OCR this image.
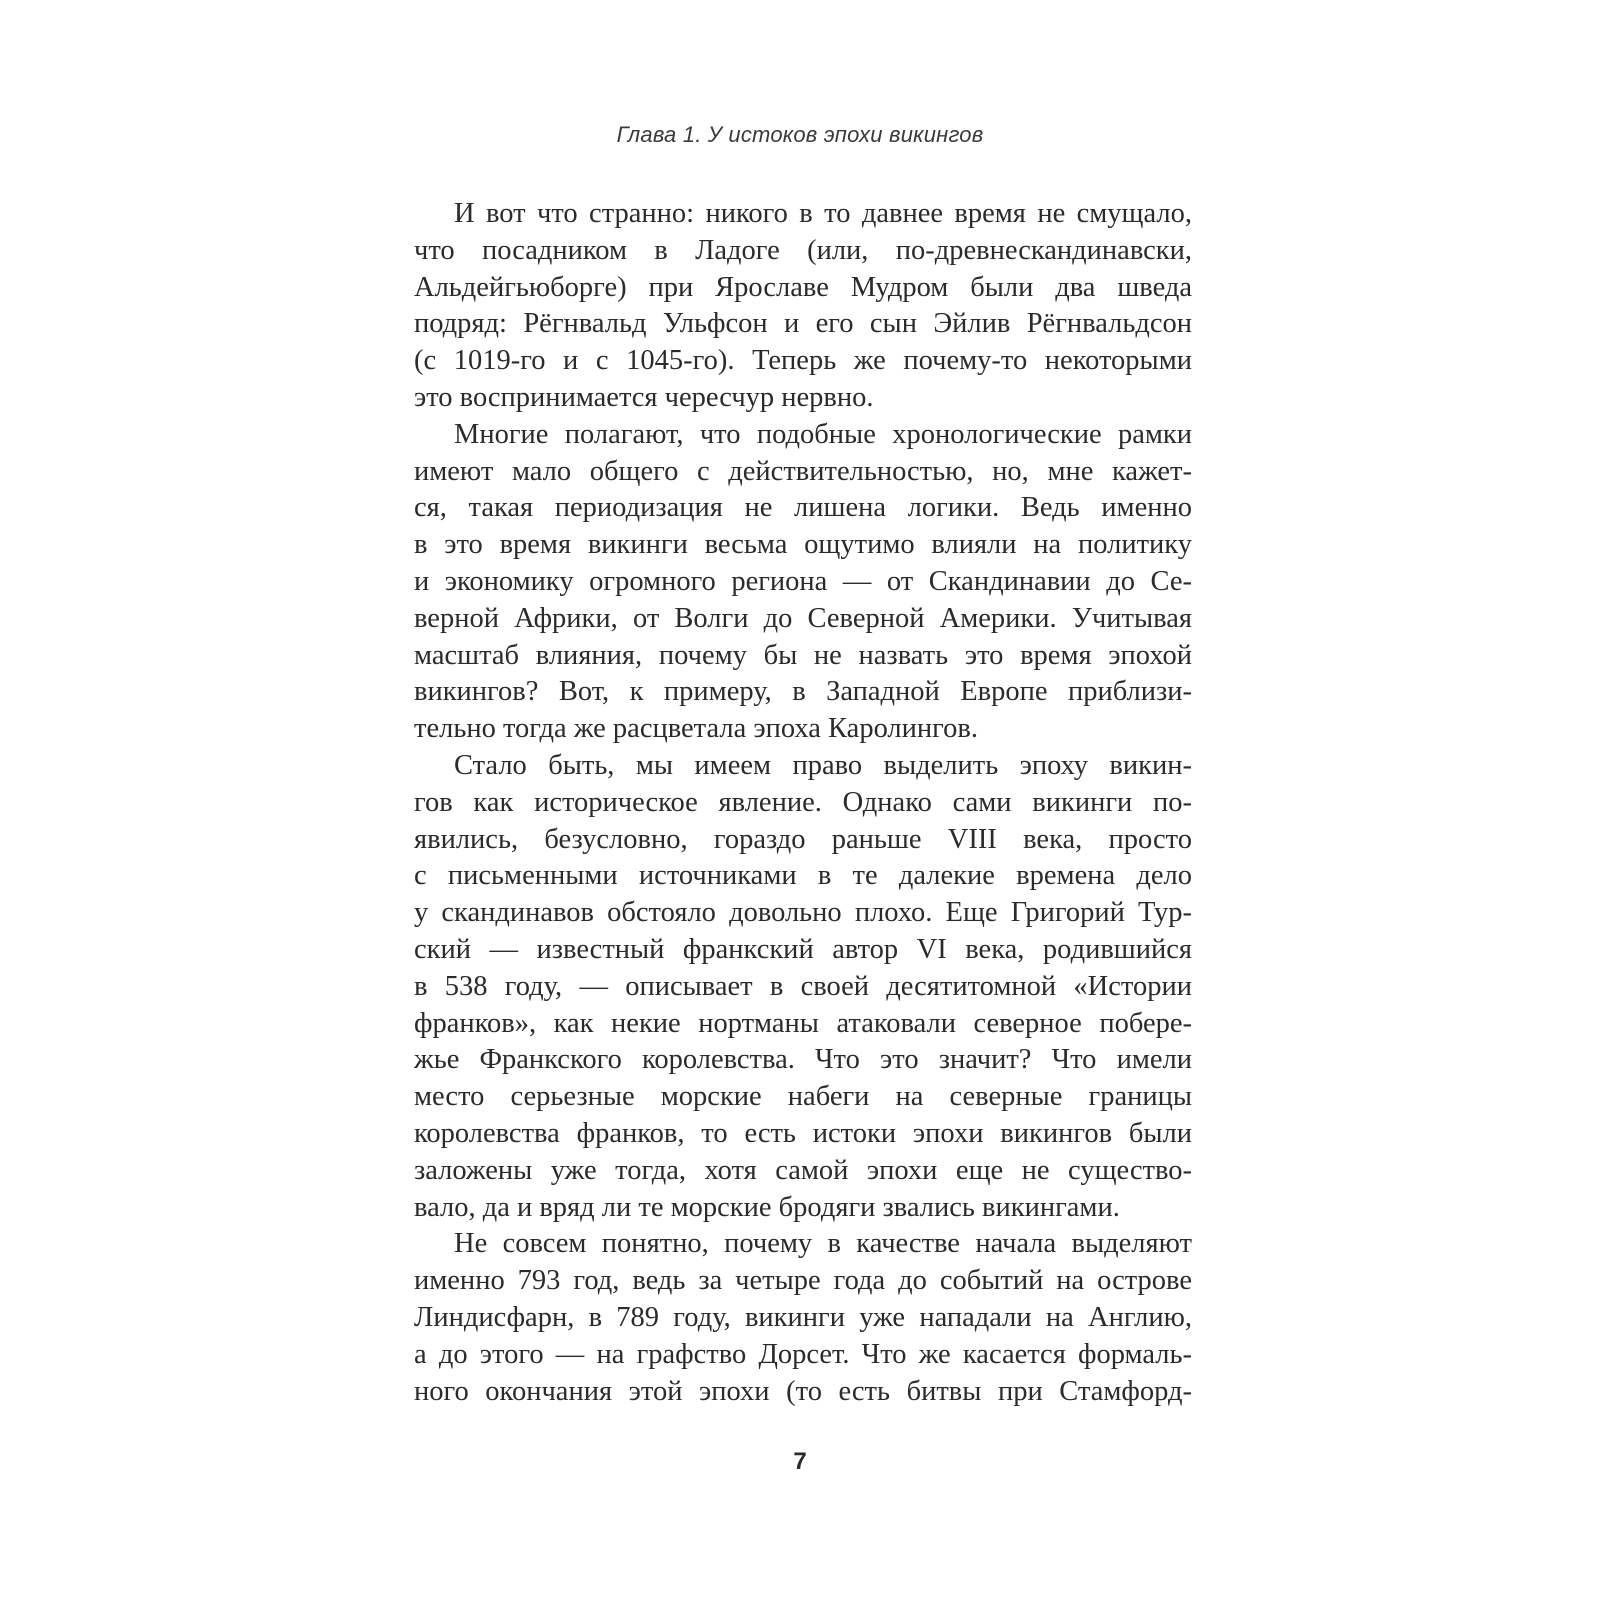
Глава 1. У истоков эпохи викингов

И вот что странно: никого в то давнее время не смущало,
что посадником в Ладоге (или, по-древнескандинавски,
Альдейгьюборге) при Ярославе Мудром были два шведа
подряд: Рёгнвальд Ульфсон и его сын Эйлив Рёгнвальдсон
(с 1019-го и с 1045-го). Теперь же почему-то некоторыми
это воспринимается чересчур нервно.

Многие полагают, что подобные хронологические рамки
имеют мало общего с действительностью, но, мне кажет-
ся, такая периодизация не лишена логики. Ведь именно
в это время викинги весьма ощутимо влияли на политику
и экономику огромного региона — от Скандинавии до Се-
верной Африки, от Волги до Северной Америки. Учитывая
масштаб влияния, почему бы не назвать это время эпохой
викингов? Вот, к примеру, в Западной Европе приблизи-
тельно тогда же расцветала эпоха Каролингов.

Стало быть, мы имеем право выделить эпоху викин-
гов как историческое явление. Однако сами викинги по-
явились, безусловно, гораздо раньше VIII века, просто
с письменными источниками в те далекие времена дело
у скандинавов обстояло довольно плохо. Еще Григорий Тур-
ский — известный франкский автор VI века, родившийся
в 538 году, — описывает в своей десятитомной «Истории
франков», как некие нортманы атаковали северное побере-
жье Франкского королевства. Что это значит? Что имели
место серьезные морские набеги на северные границы
королевства франков, то есть истоки эпохи викингов были
заложены уже тогда, хотя самой эпохи еще не существо-
вало, да и вряд ли те морские бродяги звались викингами.

Не совсем понятно, почему в качестве начала выделяют
именно 793 год, ведь за четыре года до событий на острове
Линдисфарн, в 789 году, викинги уже нападали на Англию,
а до этого — на графство Дорсет. Что же касается формаль-
ного окончания этой эпохи (то есть битвы при Стамфорд-

7
